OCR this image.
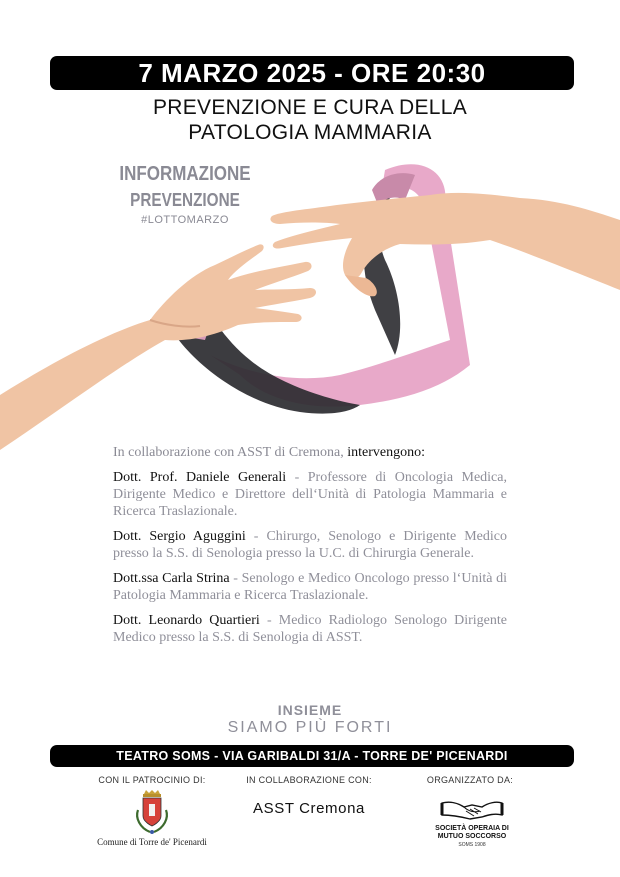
7 MARZO 2025 - ORE 20:30
PREVENZIONE E CURA DELLA
PATOLOGIA MAMMARIA
INFORMAZIONE
PREVENZIONE
#LOTTOMARZO
In collaborazione con ASST di Cremona, intervengono:
Dott. Prof. Daniele Generali - Professore di Oncologia Medica, Dirigente Medico e Direttore dell‘Unità di Patologia Mammaria e Ricerca Traslazionale.
Dott. Sergio Aguggini - Chirurgo, Senologo e Dirigente Medico presso la S.S. di Senologia presso la U.C. di Chirurgia Generale.
Dott.ssa Carla Strina - Senologo e Medico Oncologo presso l‘Unità di Patologia Mammaria e Ricerca Traslazionale.
Dott. Leonardo Quartieri - Medico Radiologo Senologo Dirigente Medico presso la S.S. di Senologia di ASST.
INSIEME
SIAMO PIÙ FORTI
TEATRO SOMS - VIA GARIBALDI 31/A - TORRE DE' PICENARDI
CON IL PATROCINIO DI:	IN COLLABORAZIONE CON:	ORGANIZZATO DA:
Comune di Torre de' Picenardi
ASST Cremona
SOCIETÀ OPERAIA DI
MUTUO SOCCORSO
SOMS 1908
